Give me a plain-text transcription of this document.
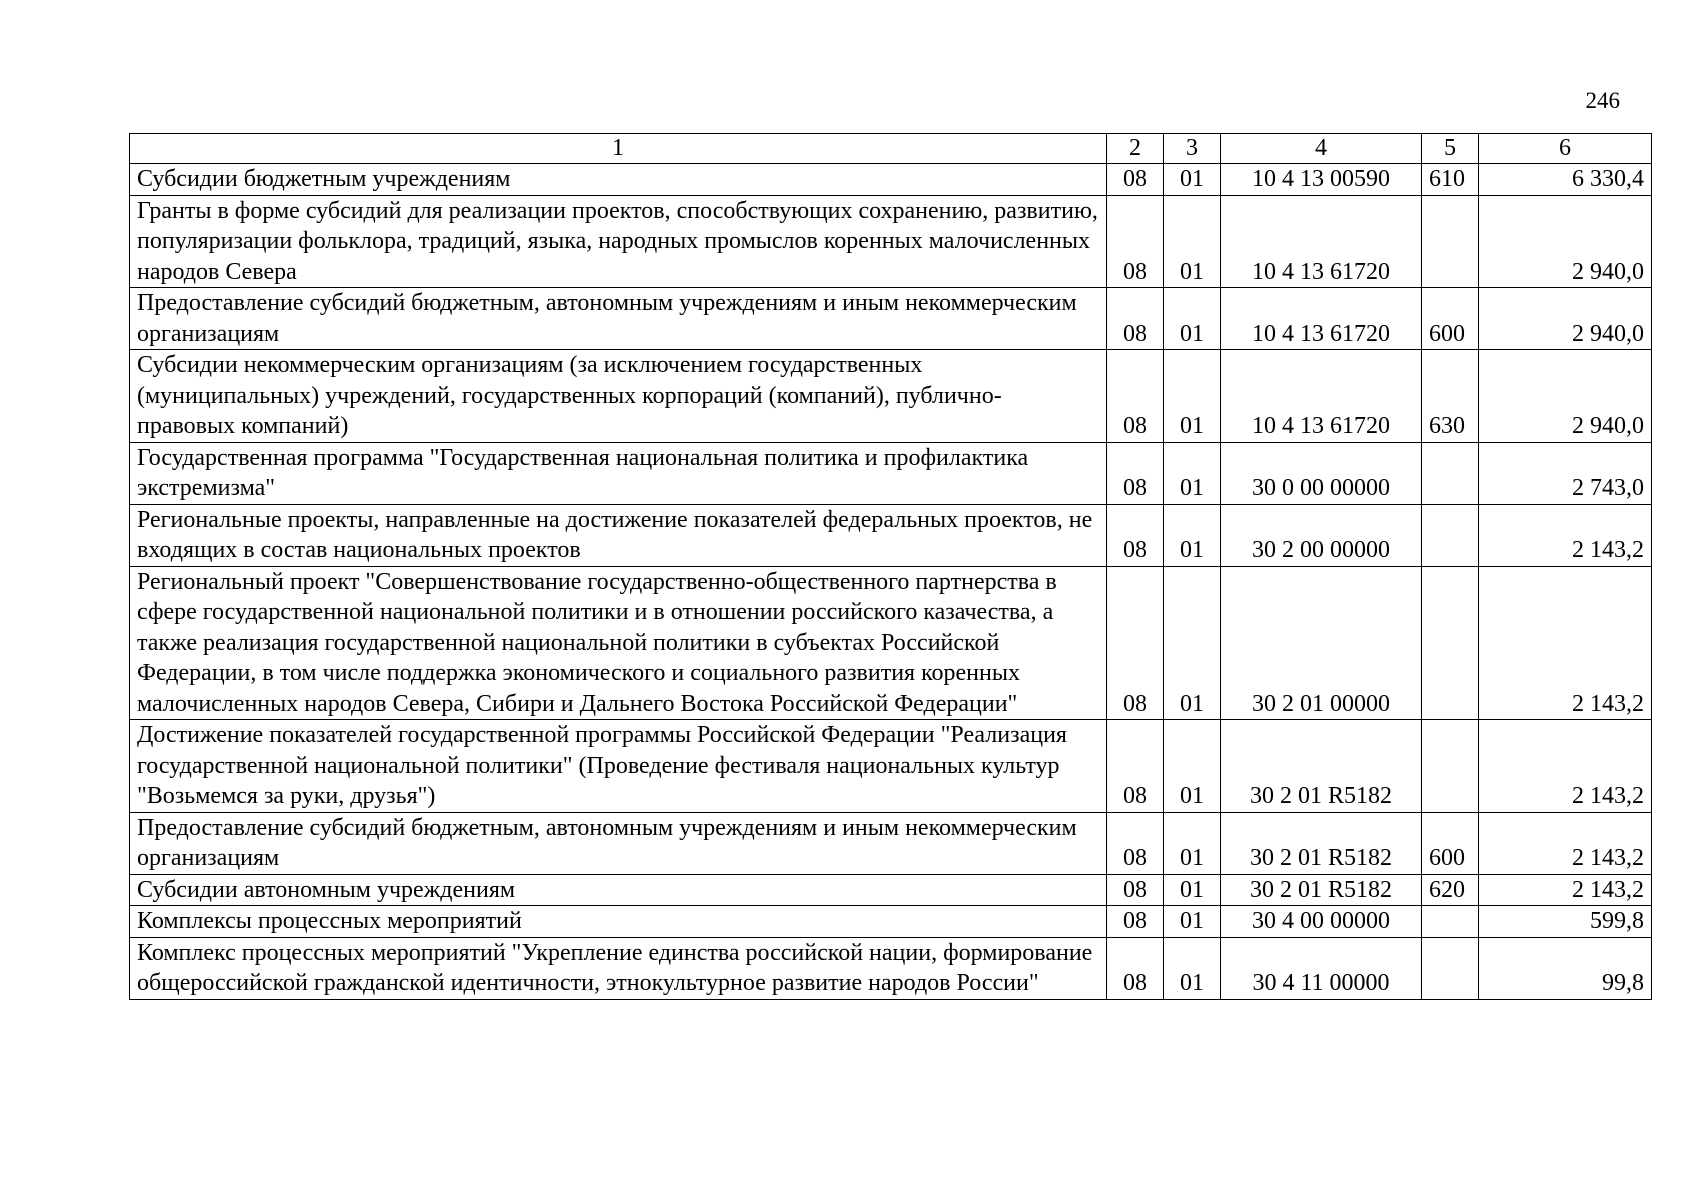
246
1	2	3	4	5	6
Субсидии бюджетным учреждениям	08	01	10 4 13 00590	610	6 330,4
Гранты в форме субсидий для реализации проектов, способствующих сохранению, развитию, популяризации фольклора, традиций, языка, народных промыслов коренных малочисленных народов Севера	08	01	10 4 13 61720		2 940,0
Предоставление субсидий бюджетным, автономным учреждениям и иным некоммерческим организациям	08	01	10 4 13 61720	600	2 940,0
Субсидии некоммерческим организациям (за исключением государственных (муниципальных) учреждений, государственных корпораций (компаний), публично-правовых компаний)	08	01	10 4 13 61720	630	2 940,0
Государственная программа "Государственная национальная политика и профилактика экстремизма"	08	01	30 0 00 00000		2 743,0
Региональные проекты, направленные на достижение показателей федеральных проектов, не входящих в состав национальных проектов	08	01	30 2 00 00000		2 143,2
Региональный проект "Совершенствование государственно-общественного партнерства в сфере государственной национальной политики и в отношении российского казачества, а также реализация государственной национальной политики в субъектах Российской Федерации, в том числе поддержка экономического и социального развития коренных малочисленных народов Севера, Сибири и Дальнего Востока Российской Федерации"	08	01	30 2 01 00000		2 143,2
Достижение показателей государственной программы Российской Федерации "Реализация государственной национальной политики" (Проведение фестиваля национальных культур "Возьмемся за руки, друзья")	08	01	30 2 01 R5182		2 143,2
Предоставление субсидий бюджетным, автономным учреждениям и иным некоммерческим организациям	08	01	30 2 01 R5182	600	2 143,2
Субсидии автономным учреждениям	08	01	30 2 01 R5182	620	2 143,2
Комплексы процессных мероприятий	08	01	30 4 00 00000		599,8
Комплекс процессных мероприятий "Укрепление единства российской нации, формирование общероссийской гражданской идентичности, этнокультурное развитие народов России"	08	01	30 4 11 00000		99,8
